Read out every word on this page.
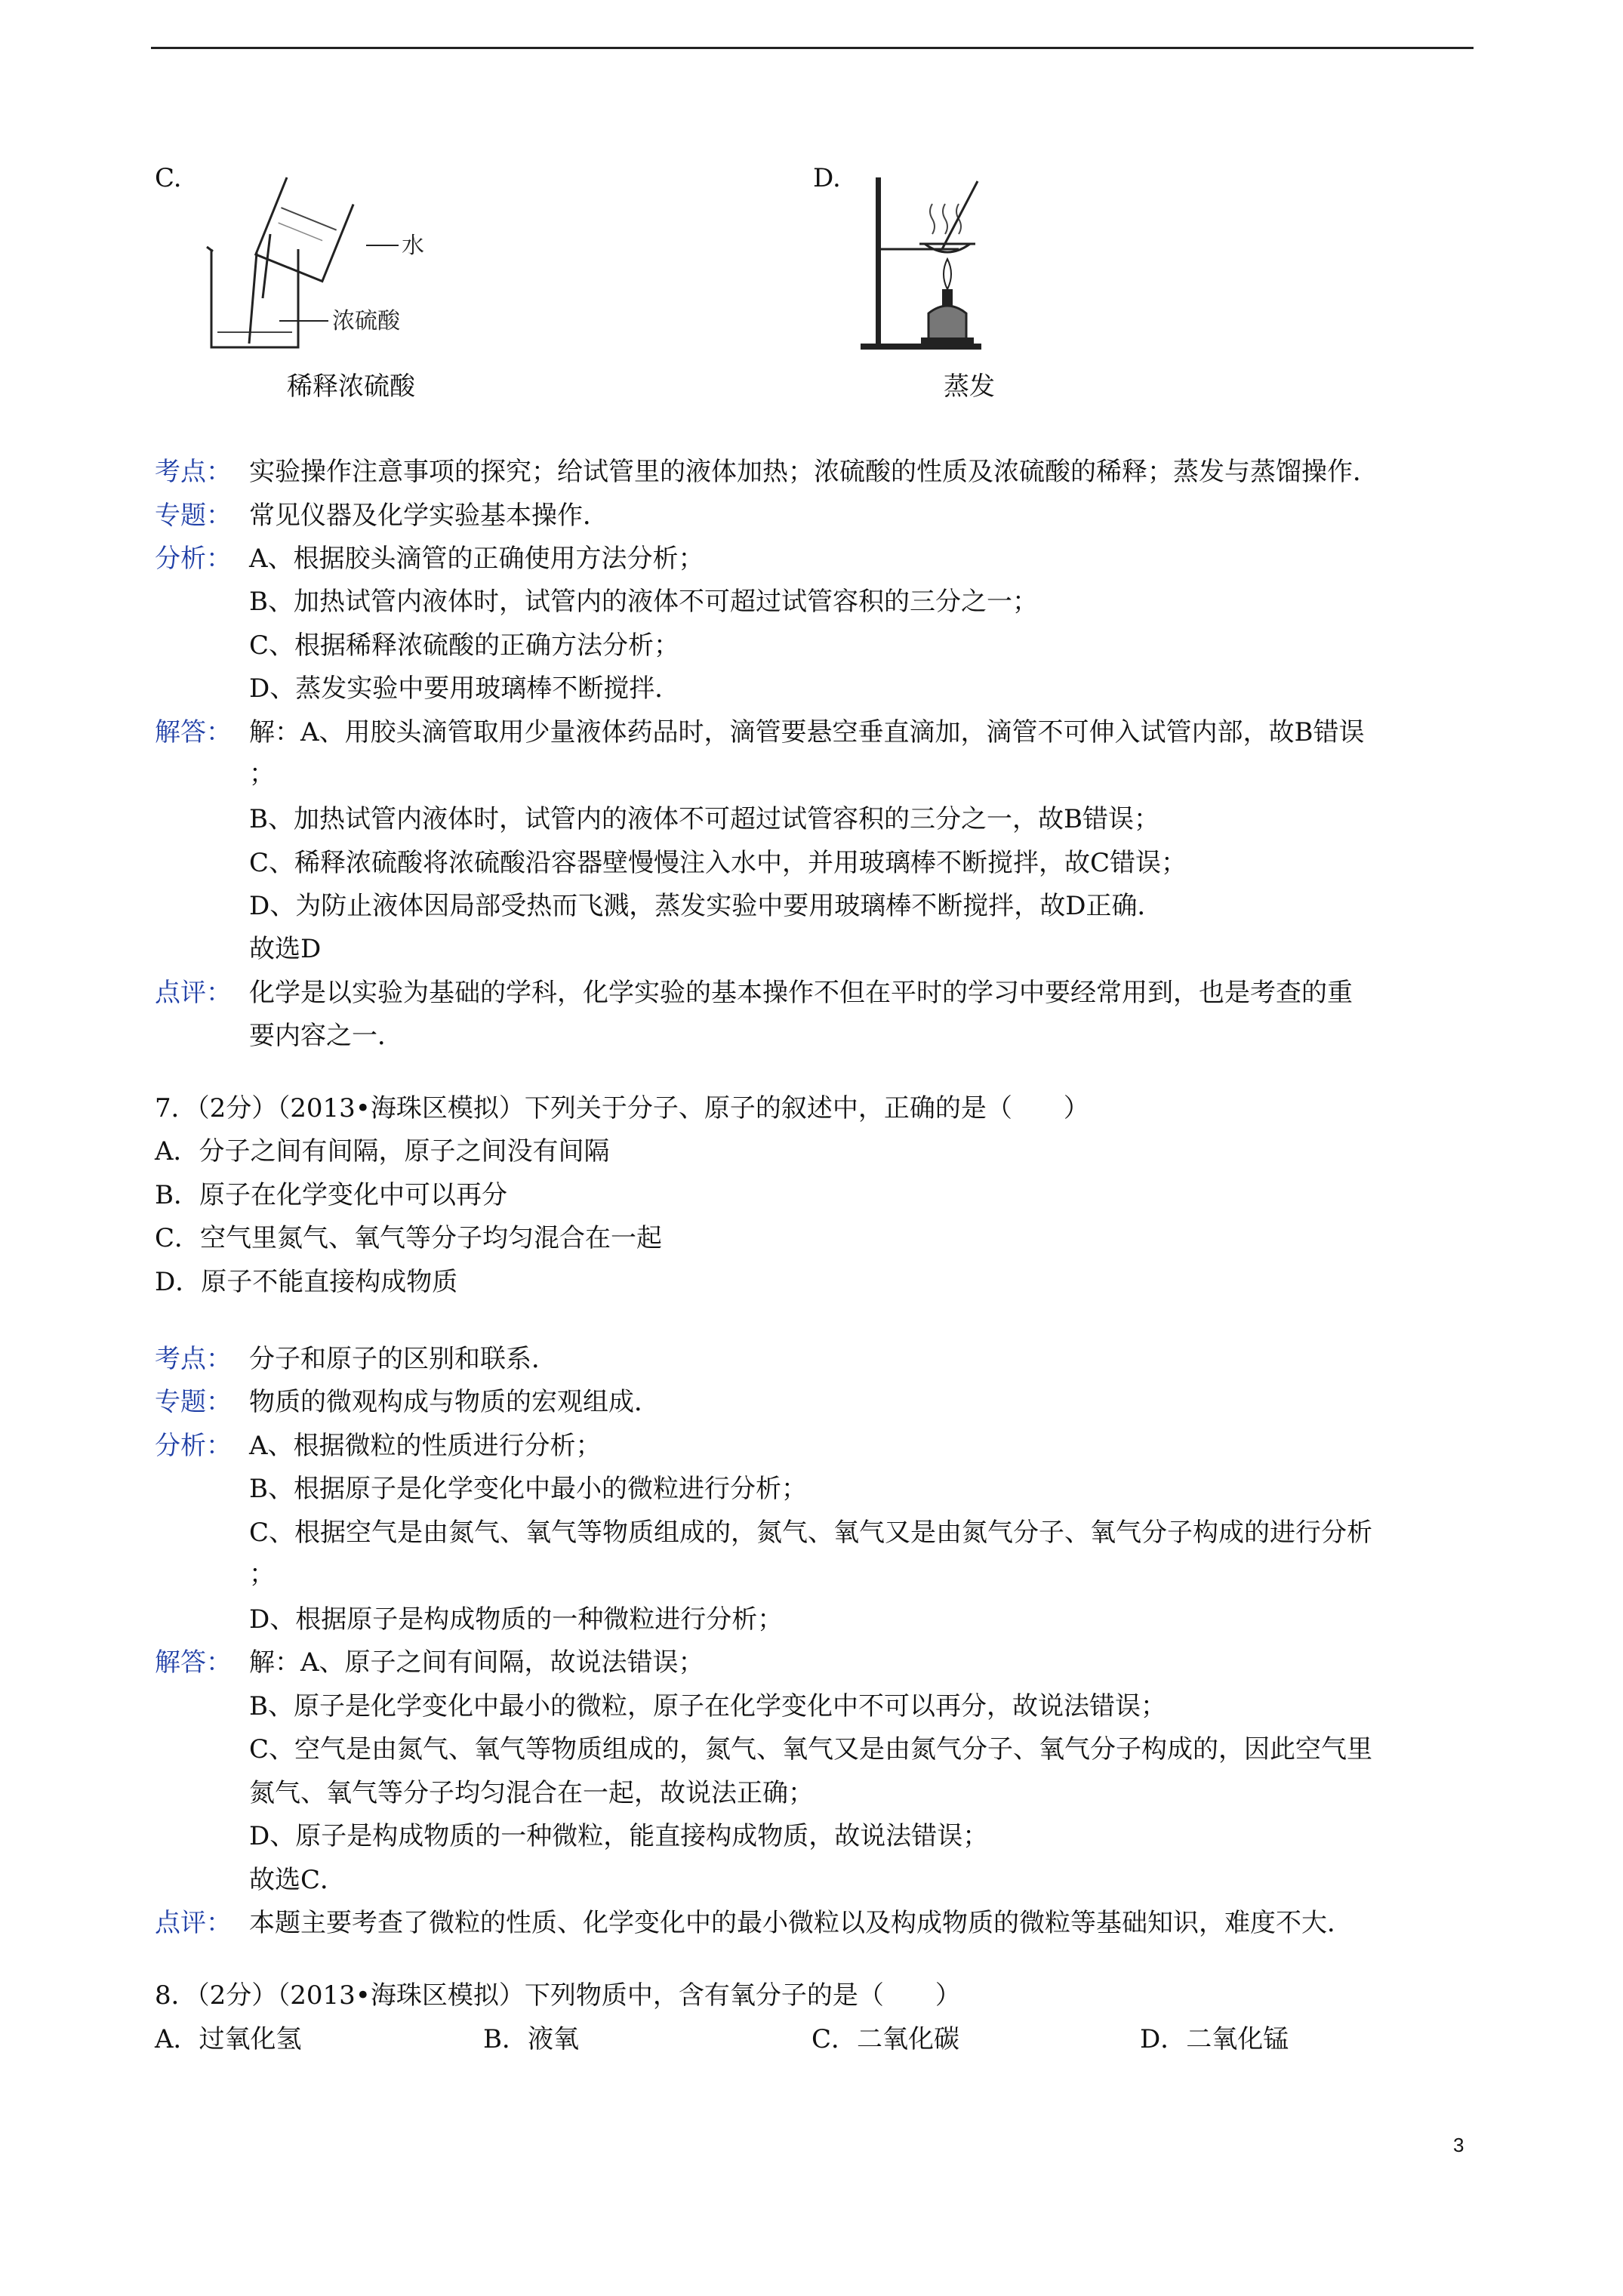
C.
水
浓硫酸
稀释浓硫酸
D.
蒸发
考点： 实验操作注意事项的探究；给试管里的液体加热；浓硫酸的性质及浓硫酸的稀释；蒸发与蒸馏操作．
专题： 常见仪器及化学实验基本操作．
分析： A、根据胶头滴管的正确使用方法分析；
B、加热试管内液体时，试管内的液体不可超过试管容积的三分之一；
C、根据稀释浓硫酸的正确方法分析；
D、蒸发实验中要用玻璃棒不断搅拌．
解答： 解：A、用胶头滴管取用少量液体药品时，滴管要悬空垂直滴加，滴管不可伸入试管内部，故B错误
；
B、加热试管内液体时，试管内的液体不可超过试管容积的三分之一，故B错误；
C、稀释浓硫酸将浓硫酸沿容器壁慢慢注入水中，并用玻璃棒不断搅拌，故C错误；
D、为防止液体因局部受热而飞溅，蒸发实验中要用玻璃棒不断搅拌，故D正确．
故选D
点评： 化学是以实验为基础的学科，化学实验的基本操作不但在平时的学习中要经常用到，也是考查的重
要内容之一．
7．（2分）（2013•海珠区模拟）下列关于分子、原子的叙述中，正确的是（　　）
A．分子之间有间隔，原子之间没有间隔
B．原子在化学变化中可以再分
C．空气里氮气、氧气等分子均匀混合在一起
D．原子不能直接构成物质
考点： 分子和原子的区别和联系．
专题： 物质的微观构成与物质的宏观组成．
分析： A、根据微粒的性质进行分析；
B、根据原子是化学变化中最小的微粒进行分析；
C、根据空气是由氮气、氧气等物质组成的，氮气、氧气又是由氮气分子、氧气分子构成的进行分析
；
D、根据原子是构成物质的一种微粒进行分析；
解答： 解：A、原子之间有间隔，故说法错误；
B、原子是化学变化中最小的微粒，原子在化学变化中不可以再分，故说法错误；
C、空气是由氮气、氧气等物质组成的，氮气、氧气又是由氮气分子、氧气分子构成的，因此空气里
氮气、氧气等分子均匀混合在一起，故说法正确；
D、原子是构成物质的一种微粒，能直接构成物质，故说法错误；
故选C．
点评： 本题主要考查了微粒的性质、化学变化中的最小微粒以及构成物质的微粒等基础知识，难度不大．
8．（2分）（2013•海珠区模拟）下列物质中，含有氧分子的是（　　）
A．过氧化氢	B．液氧	C．二氧化碳	D．二氧化锰
3
